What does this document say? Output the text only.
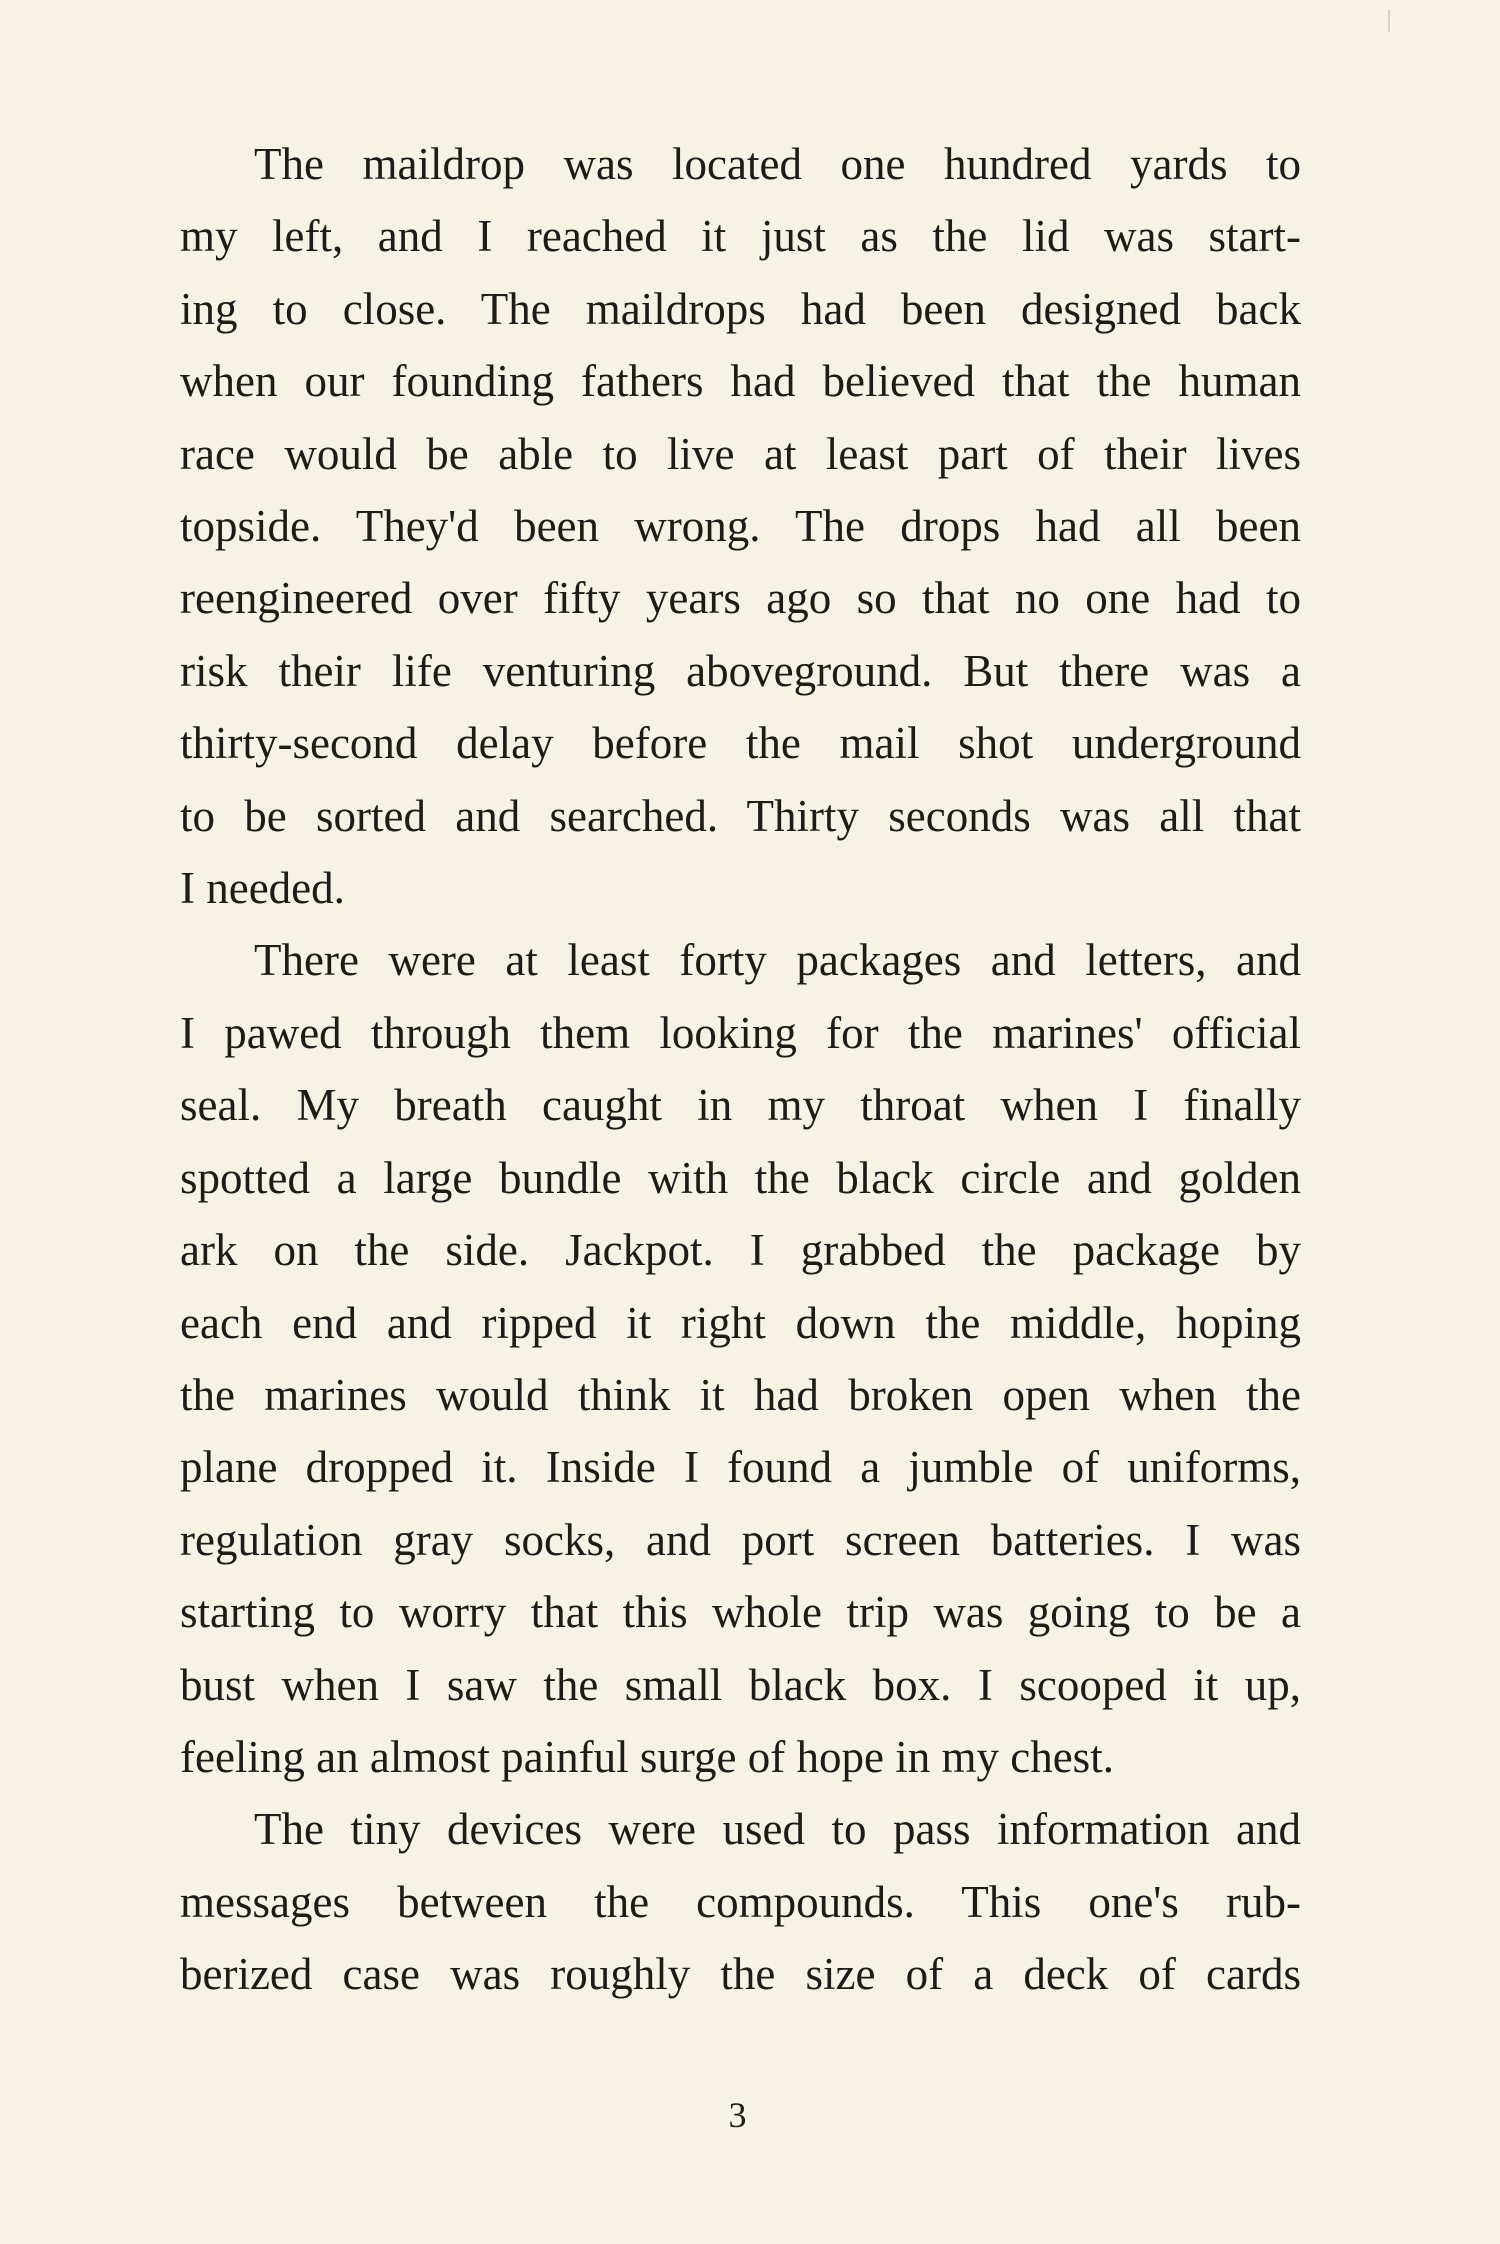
The maildrop was located one hundred yards to
my left, and I reached it just as the lid was start-
ing to close. The maildrops had been designed back
when our founding fathers had believed that the human
race would be able to live at least part of their lives
topside. They'd been wrong. The drops had all been
reengineered over fifty years ago so that no one had to
risk their life venturing aboveground. But there was a
thirty-second delay before the mail shot underground
to be sorted and searched. Thirty seconds was all that
I needed.

There were at least forty packages and letters, and
I pawed through them looking for the marines' official
seal. My breath caught in my throat when I finally
spotted a large bundle with the black circle and golden
ark on the side. Jackpot. I grabbed the package by
each end and ripped it right down the middle, hoping
the marines would think it had broken open when the
plane dropped it. Inside I found a jumble of uniforms,
regulation gray socks, and port screen batteries. I was
starting to worry that this whole trip was going to be a
bust when I saw the small black box. I scooped it up,
feeling an almost painful surge of hope in my chest.

The tiny devices were used to pass information and
messages between the compounds. This one's rub-
berized case was roughly the size of a deck of cards

3
